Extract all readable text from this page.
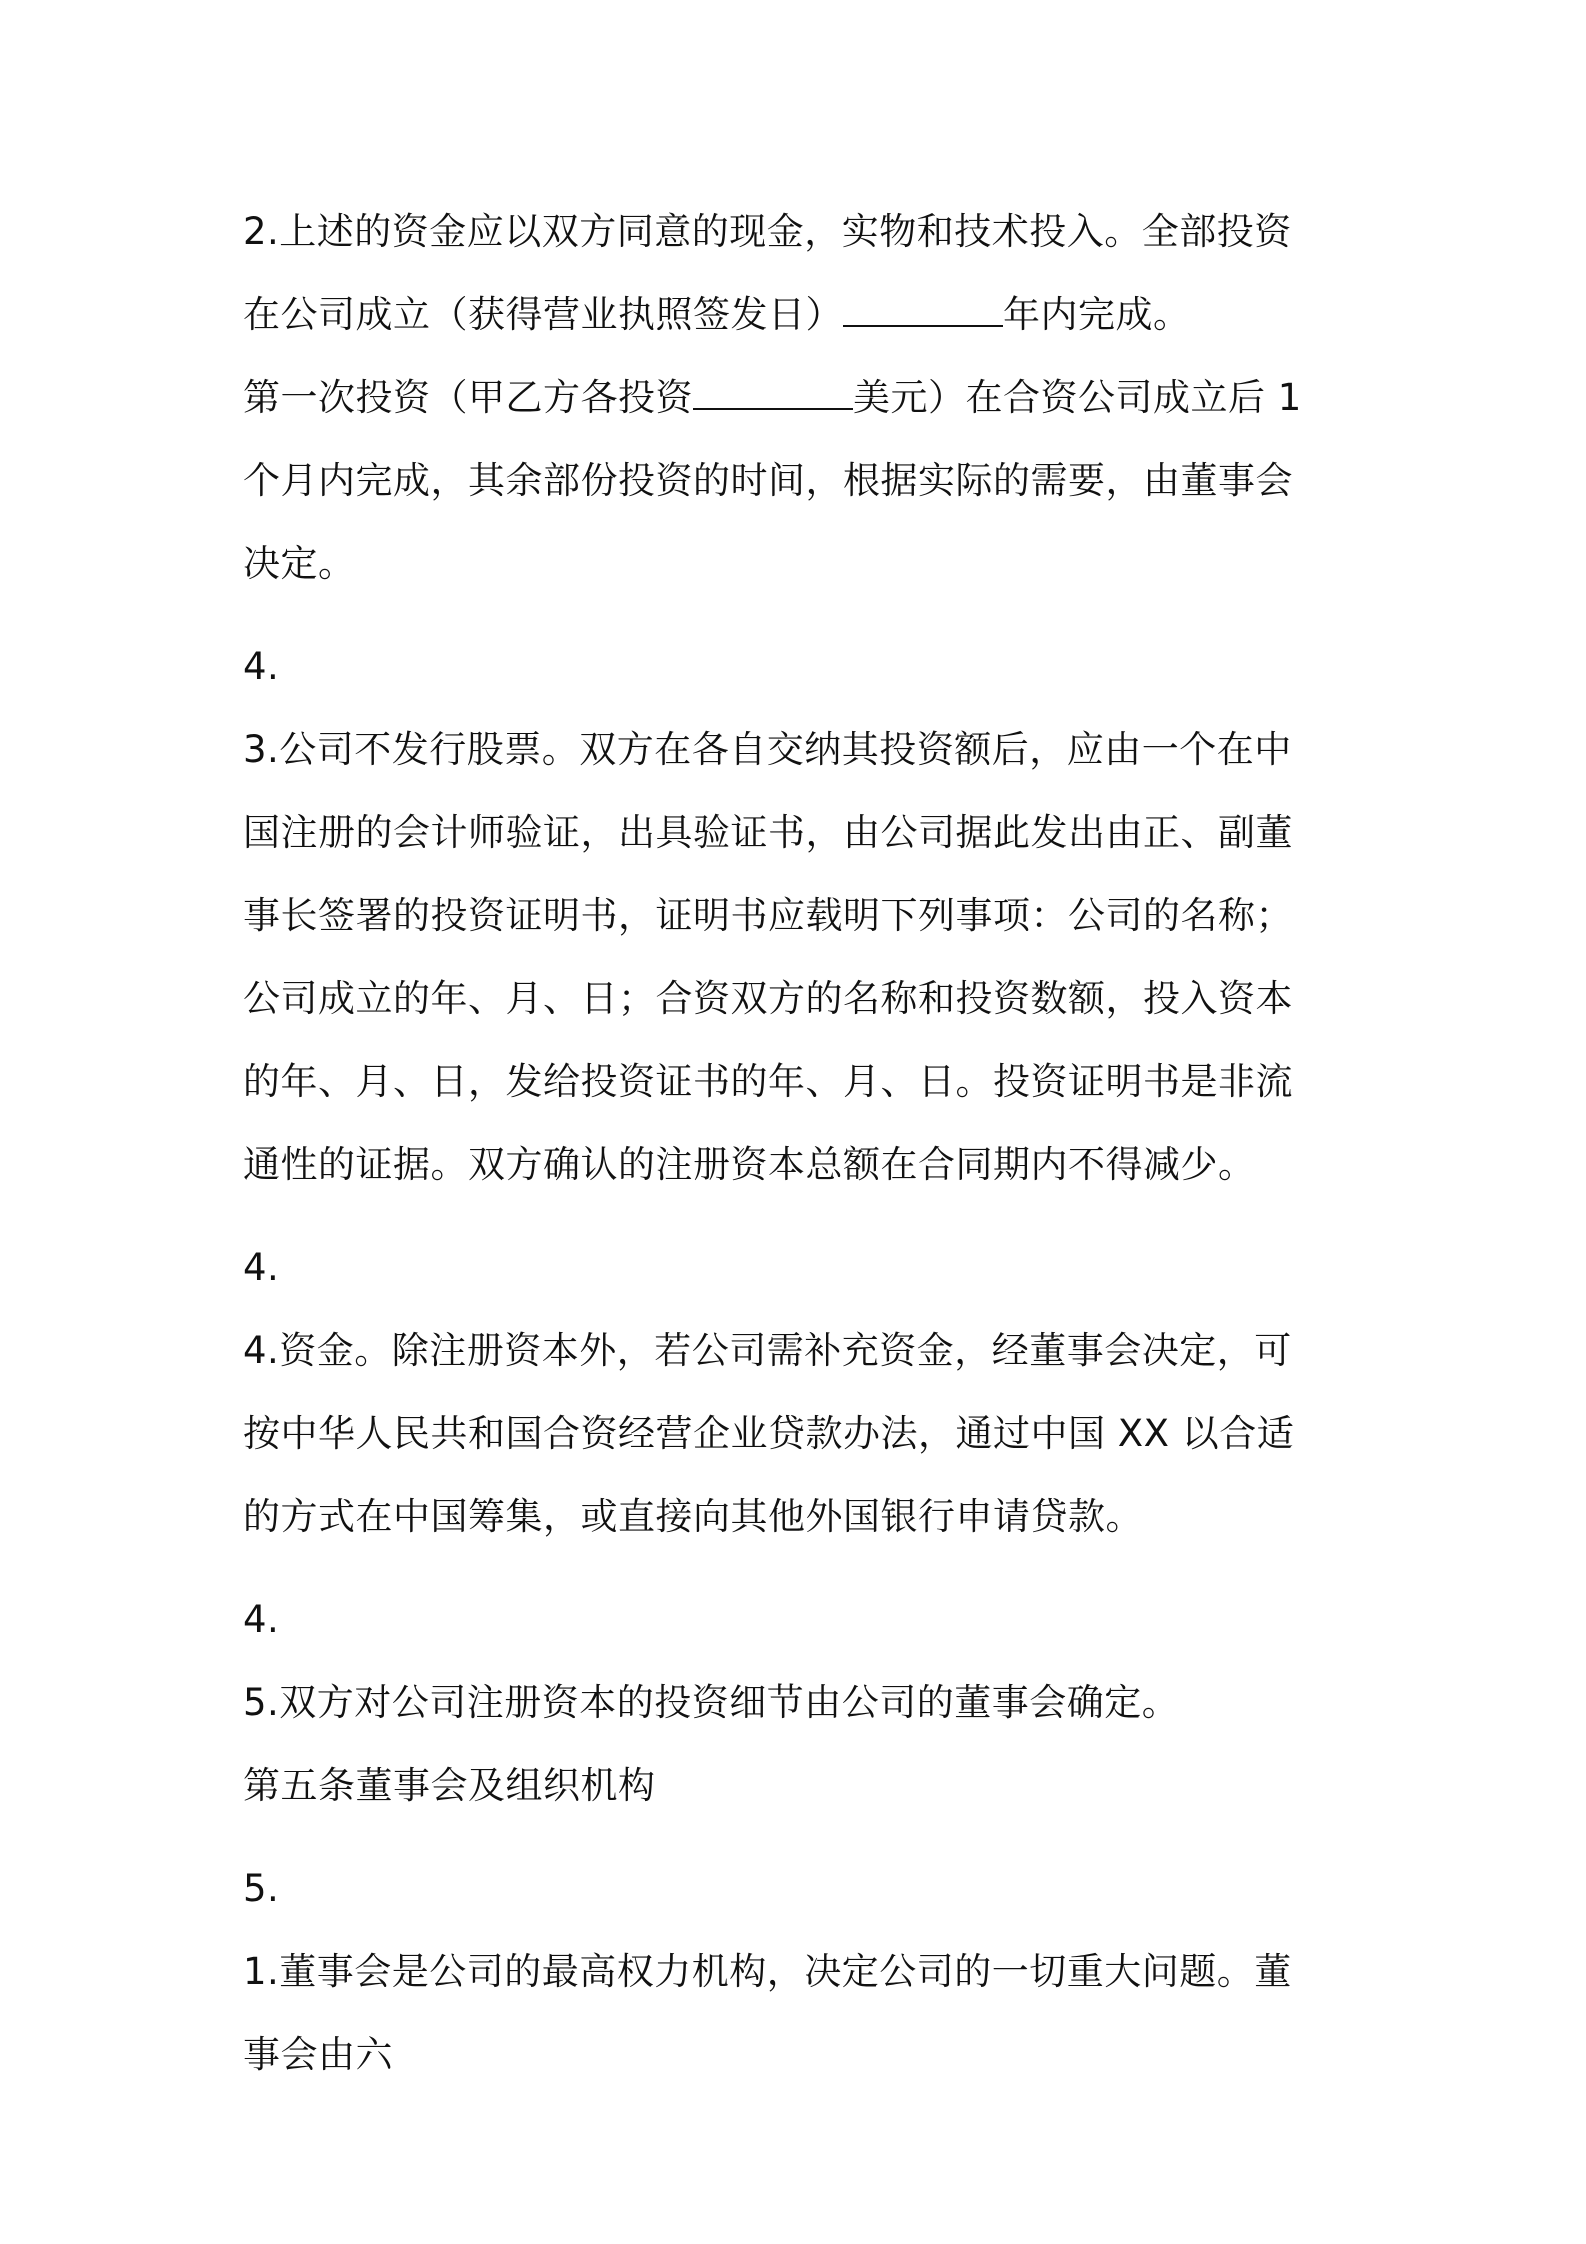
2.上述的资金应以双方同意的现金，实物和技术投入。全部投资
在公司成立（获得营业执照签发日）	年内完成。
第一次投资（甲乙方各投资	美元）在合资公司成立后 1
个月内完成，其余部份投资的时间，根据实际的需要，由董事会
决定。
4.
3.公司不发行股票。双方在各自交纳其投资额后，应由一个在中
国注册的会计师验证，出具验证书，由公司据此发出由正、副董
事长签署的投资证明书，证明书应载明下列事项：公司的名称；
公司成立的年、月、日；合资双方的名称和投资数额，投入资本
的年、月、日，发给投资证书的年、月、日。投资证明书是非流
通性的证据。双方确认的注册资本总额在合同期内不得减少。
4.
4.资金。除注册资本外，若公司需补充资金，经董事会决定，可
按中华人民共和国合资经营企业贷款办法，通过中国 XX 以合适
的方式在中国筹集，或直接向其他外国银行申请贷款。
4.
5.双方对公司注册资本的投资细节由公司的董事会确定。
第五条董事会及组织机构
5.
1.董事会是公司的最高权力机构，决定公司的一切重大问题。董
事会由六
